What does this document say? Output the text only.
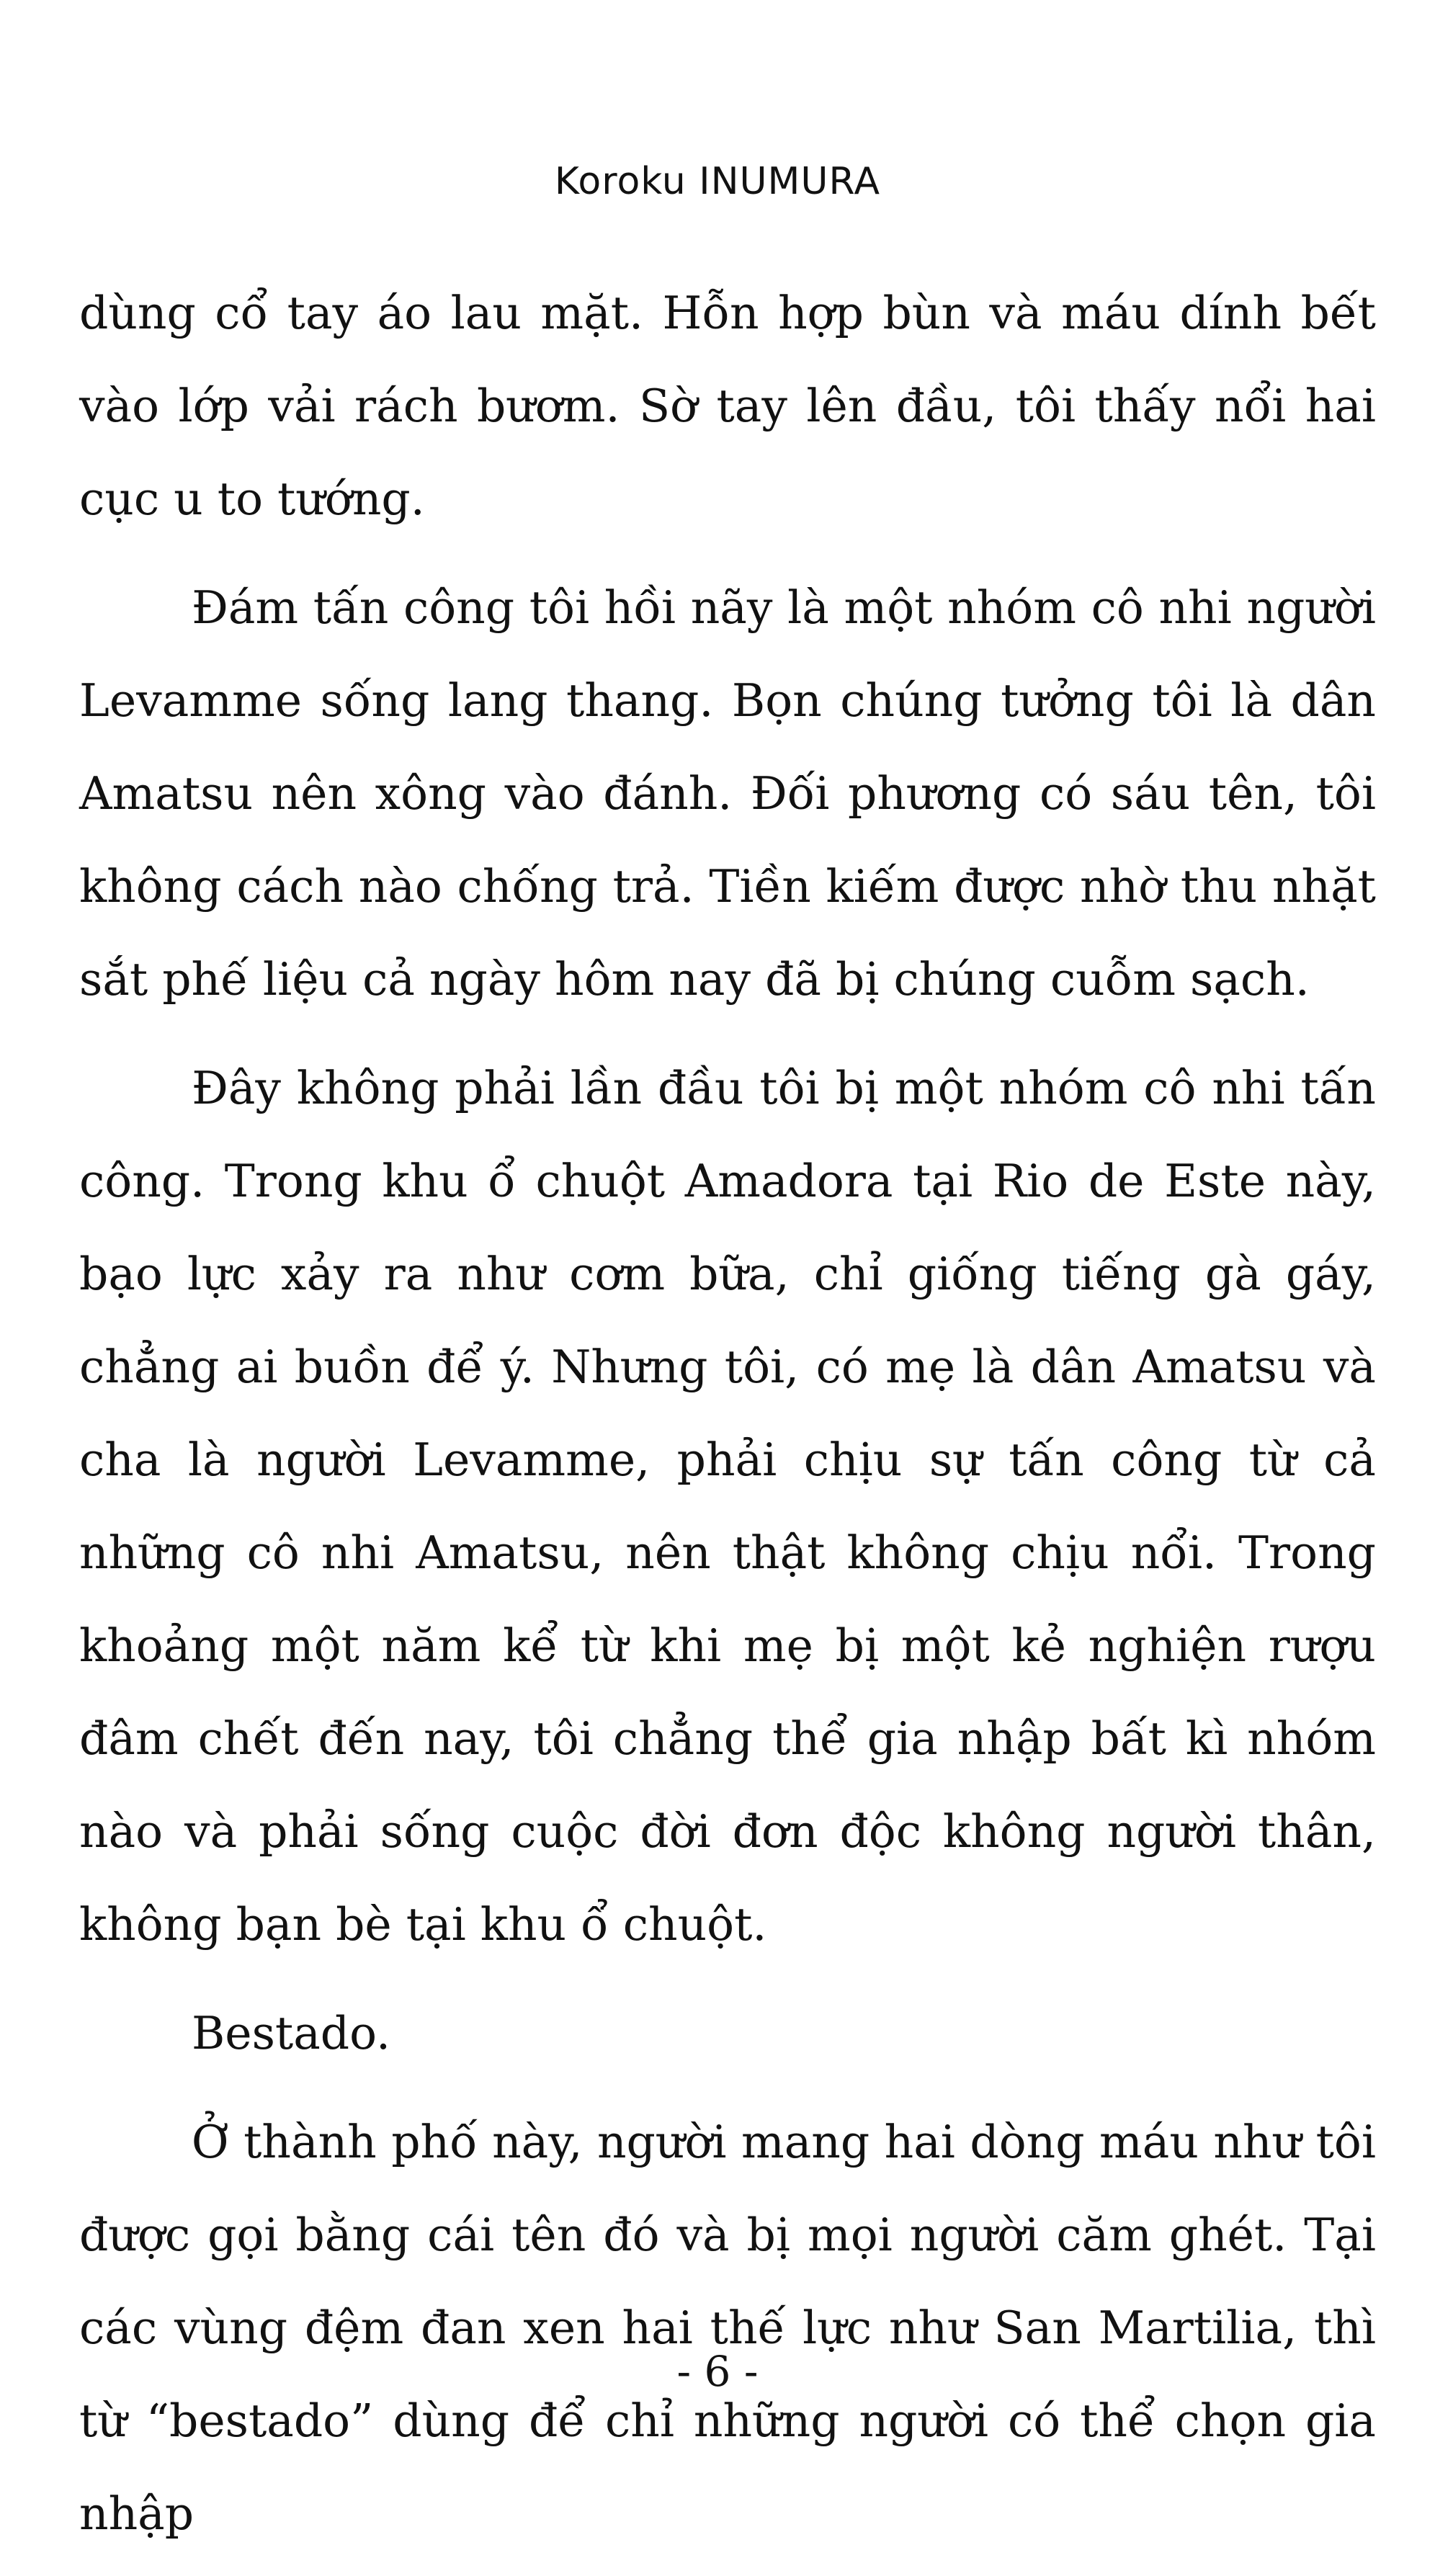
Koroku INUMURA

dùng cổ tay áo lau mặt. Hỗn hợp bùn và máu dính bết vào lớp vải rách bươm. Sờ tay lên đầu, tôi thấy nổi hai cục u to tướng.

Đám tấn công tôi hồi nãy là một nhóm cô nhi người Levamme sống lang thang. Bọn chúng tưởng tôi là dân Amatsu nên xông vào đánh. Đối phương có sáu tên, tôi không cách nào chống trả. Tiền kiếm được nhờ thu nhặt sắt phế liệu cả ngày hôm nay đã bị chúng cuỗm sạch.

Đây không phải lần đầu tôi bị một nhóm cô nhi tấn công. Trong khu ổ chuột Amadora tại Rio de Este này, bạo lực xảy ra như cơm bữa, chỉ giống tiếng gà gáy, chẳng ai buồn để ý. Nhưng tôi, có mẹ là dân Amatsu và cha là người Levamme, phải chịu sự tấn công từ cả những cô nhi Amatsu, nên thật không chịu nổi. Trong khoảng một năm kể từ khi mẹ bị một kẻ nghiện rượu đâm chết đến nay, tôi chẳng thể gia nhập bất kì nhóm nào và phải sống cuộc đời đơn độc không người thân, không bạn bè tại khu ổ chuột.

Bestado.

Ở thành phố này, người mang hai dòng máu như tôi được gọi bằng cái tên đó và bị mọi người căm ghét. Tại các vùng đệm đan xen hai thế lực như San Martilia, thì từ “bestado” dùng để chỉ những người có thể chọn gia nhập

- 6 -
